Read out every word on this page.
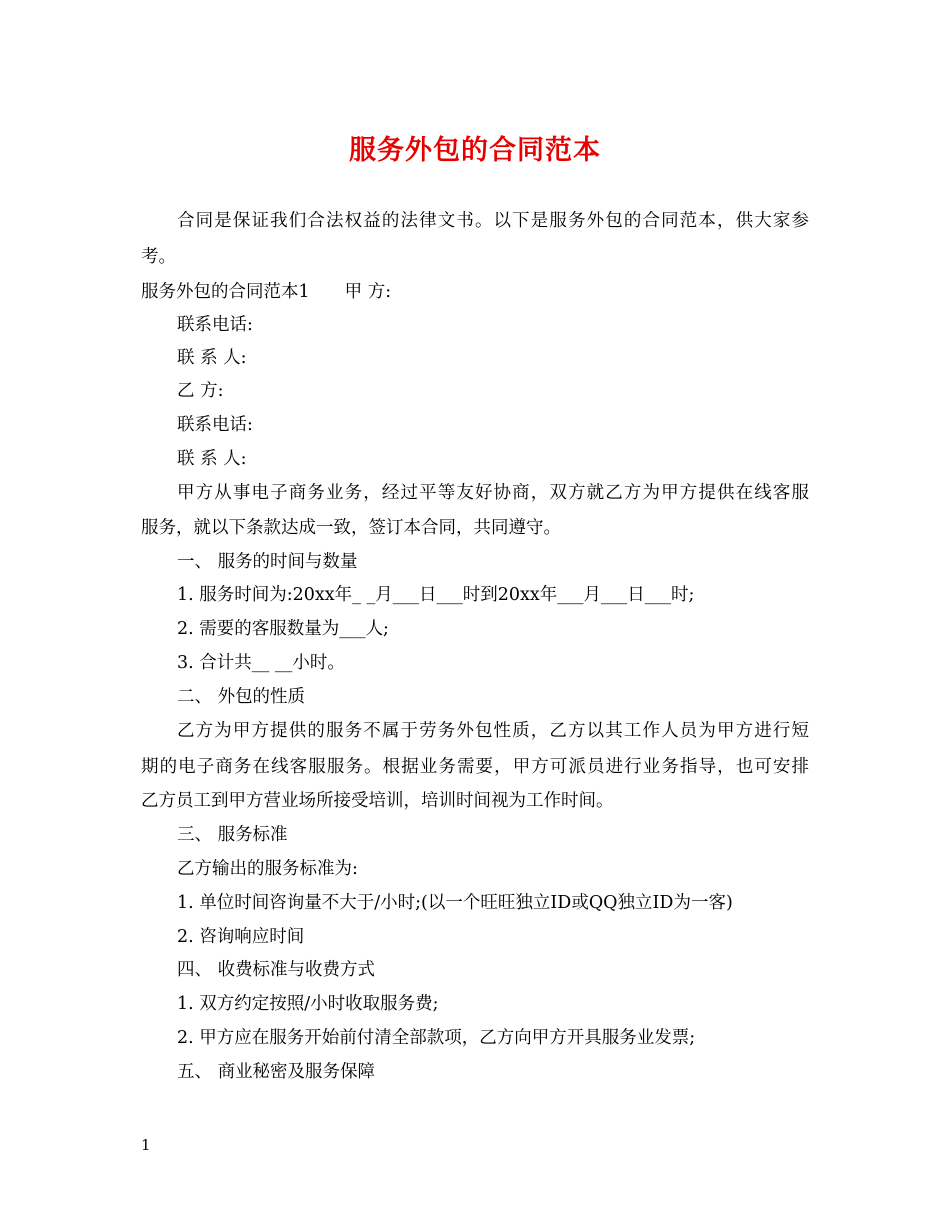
服务外包的合同范本
合同是保证我们合法权益的法律文书。以下是服务外包的合同范本，供大家参
考。
服务外包的合同范本1　　甲 方:
联系电话:
联 系 人:
乙 方:
联系电话:
联 系 人:
甲方从事电子商务业务，经过平等友好协商，双方就乙方为甲方提供在线客服
服务，就以下条款达成一致，签订本合同，共同遵守。
一、 服务的时间与数量
1. 服务时间为:20xx年_ _月___日___时到20xx年___月___日___时;
2. 需要的客服数量为___人;
3. 合计共__ __小时。
二、 外包的性质
乙方为甲方提供的服务不属于劳务外包性质，乙方以其工作人员为甲方进行短
期的电子商务在线客服服务。根据业务需要，甲方可派员进行业务指导，也可安排
乙方员工到甲方营业场所接受培训，培训时间视为工作时间。
三、 服务标准
乙方输出的服务标准为:
1. 单位时间咨询量不大于/小时;(以一个旺旺独立ID或QQ独立ID为一客)
2. 咨询响应时间
四、 收费标准与收费方式
1. 双方约定按照/小时收取服务费;
2. 甲方应在服务开始前付清全部款项，乙方向甲方开具服务业发票;
五、 商业秘密及服务保障
1
